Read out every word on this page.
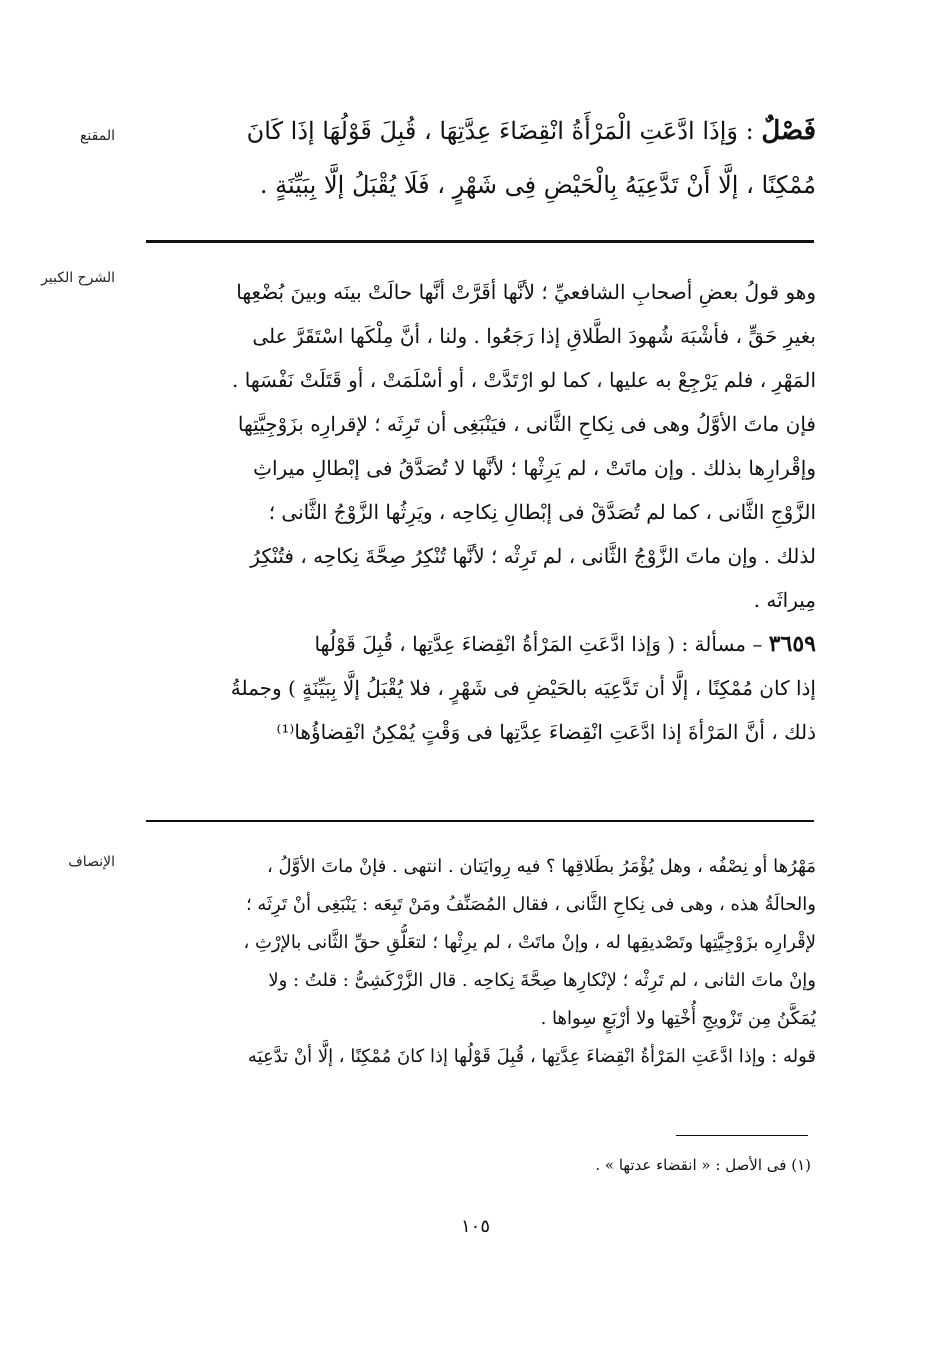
المقنع
الشرح الكبير
الإنصاف
فَصْلٌ : وَإذَا ادَّعَتِ الْمَرْأَةُ انْقِضَاءَ عِدَّتِهَا ، قُبِلَ قَوْلُهَا إذَا كَانَ
مُمْكِنًا ، إلَّا أَنْ تَدَّعِيَهُ بِالْحَيْضِ فِى شَهْرٍ ، فَلَا يُقْبَلُ إلَّا بِبَيِّنَةٍ .
وهو قولُ بعضِ أصحابِ الشافعيِّ ؛ لأنَّها أقَرَّتْ أنَّها حالَتْ بينَه وبينَ بُضْعِها
بغيرِ حَقٍّ ، فأشْبَهَ شُهودَ الطَّلاقِ إذا رَجَعُوا . ولنا ، أنَّ مِلْكَها اسْتَقَرَّ على
المَهْرِ ، فلم يَرْجِعْ به عليها ، كما لو ارْتَدَّتْ ، أو أسْلَمَتْ ، أو قَتَلَتْ نَفْسَها .
فإن ماتَ الأوَّلُ وهى فى نِكاحِ الثَّانى ، فيَنْبَغِى أن تَرِثَه ؛ لإقرارِه بزَوْجِيَّتِها
وإقْرارِها بذلك . وإن ماتَتْ ، لم يَرِثْها ؛ لأنَّها لا تُصَدَّقُ فى إبْطالِ ميراثِ
الزَّوْجِ الثَّانى ، كما لم تُصَدَّقْ فى إبْطالِ نِكاحِه ، ويَرِثُها الزَّوْجُ الثَّانى ؛
لذلك . وإن ماتَ الزَّوْجُ الثَّانى ، لم تَرِثْه ؛ لأنَّها تُنْكِرُ صِحَّةَ نِكاحِه ، فتُنْكِرُ
مِيراثَه .
٣٦٥٩ – مسألة : ( وَإذا ادَّعَتِ المَرْأةُ انْقِضاءَ عِدَّتِها ، قُبِلَ قَوْلُها
إذا كان مُمْكِنًا ، إلَّا أن تَدَّعِيَه بالحَيْضِ فى شَهْرٍ ، فلا يُقْبَلُ إلَّا بِبَيِّنَةٍ ) وجملةُ
ذلك ، أنَّ المَرْأةَ إذا ادَّعَتِ انْقِضاءَ عِدَّتِها فى وَقْتٍ يُمْكِنُ انْقِضاؤُها⁽¹⁾
مَهْرُها أو نِصْفُه ، وهل يُؤْمَرُ بطَلاقِها ؟ فيه رِوايَتان . انتهى . فإنْ ماتَ الأوَّلُ ،
والحالَةُ هذه ، وهى فى نِكاحِ الثَّانى ، فقال المُصَنِّفُ ومَنْ تَبِعَه : يَنْبَغِى أنْ تَرِثَه ؛
لإقْرارِه بزَوْجِيَّتِها وتَصْديقِها له ، وإنْ ماتَتْ ، لم يرِثْها ؛ لتعَلُّقِ حقِّ الثَّانى بالإرْثِ ،
وإنْ ماتَ الثانى ، لم تَرِثْه ؛ لإنْكارِها صِحَّةَ نِكاحِه . قال الزَّرْكَشِىُّ : قلتُ : ولا
يُمَكَّنُ مِن تَزْويجِ أُخْتِها ولا أرْبَعٍ سِواها .
قوله : وإذا ادَّعَتِ المَرْأةُ انْقِضاءَ عِدَّتِها ، قُبِلَ قَوْلُها إذا كانَ مُمْكِنًا ، إلَّا أنْ تدَّعِيَه
(١) فى الأصل : « انقضاء عدتها » .
١٠٥
